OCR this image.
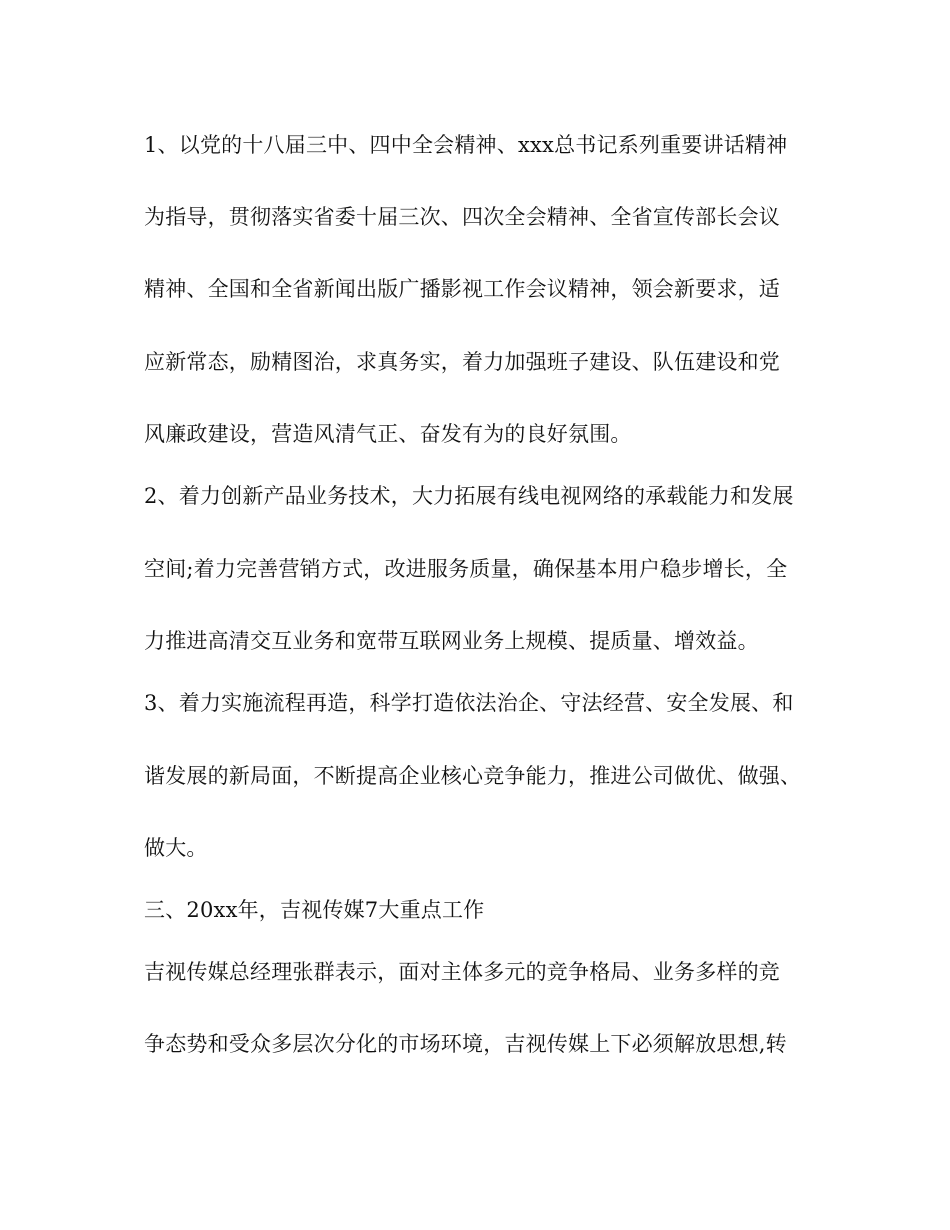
1、以党的十八届三中、四中全会精神、xxx总书记系列重要讲话精神
为指导，贯彻落实省委十届三次、四次全会精神、全省宣传部长会议
精神、全国和全省新闻出版广播影视工作会议精神，领会新要求，适
应新常态，励精图治，求真务实，着力加强班子建设、队伍建设和党
风廉政建设，营造风清气正、奋发有为的良好氛围。
2、着力创新产品业务技术，大力拓展有线电视网络的承载能力和发展
空间;着力完善营销方式，改进服务质量，确保基本用户稳步增长，全
力推进高清交互业务和宽带互联网业务上规模、提质量、增效益。
3、着力实施流程再造，科学打造依法治企、守法经营、安全发展、和
谐发展的新局面，不断提高企业核心竞争能力，推进公司做优、做强、
做大。
三、20xx年，吉视传媒7大重点工作
吉视传媒总经理张群表示，面对主体多元的竞争格局、业务多样的竞
争态势和受众多层次分化的市场环境，吉视传媒上下必须解放思想,转
